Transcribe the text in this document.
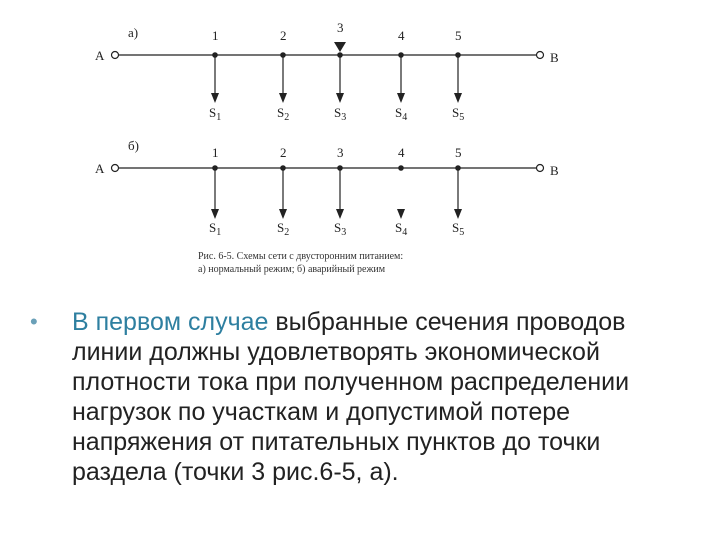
а)
А	В
1
$S_1$
2
$S_2$
3
$S_3$
4
$S_4$
5
$S_5$
б)
А	В
1
$S_1$
2
$S_2$
3
$S_3$
4
$S_4$
5
$S_5$
Рис. 6-5. Схемы сети с двусторонним питанием:
а) нормальный режим; б) аварийный режим
• В первом случае выбранные сечения проводов линии должны удовлетворять экономической плотности тока при полученном распределении нагрузок по участкам и допустимой потере напряжения от питательных пунктов до точки раздела (точки 3 рис.6-5, а).
